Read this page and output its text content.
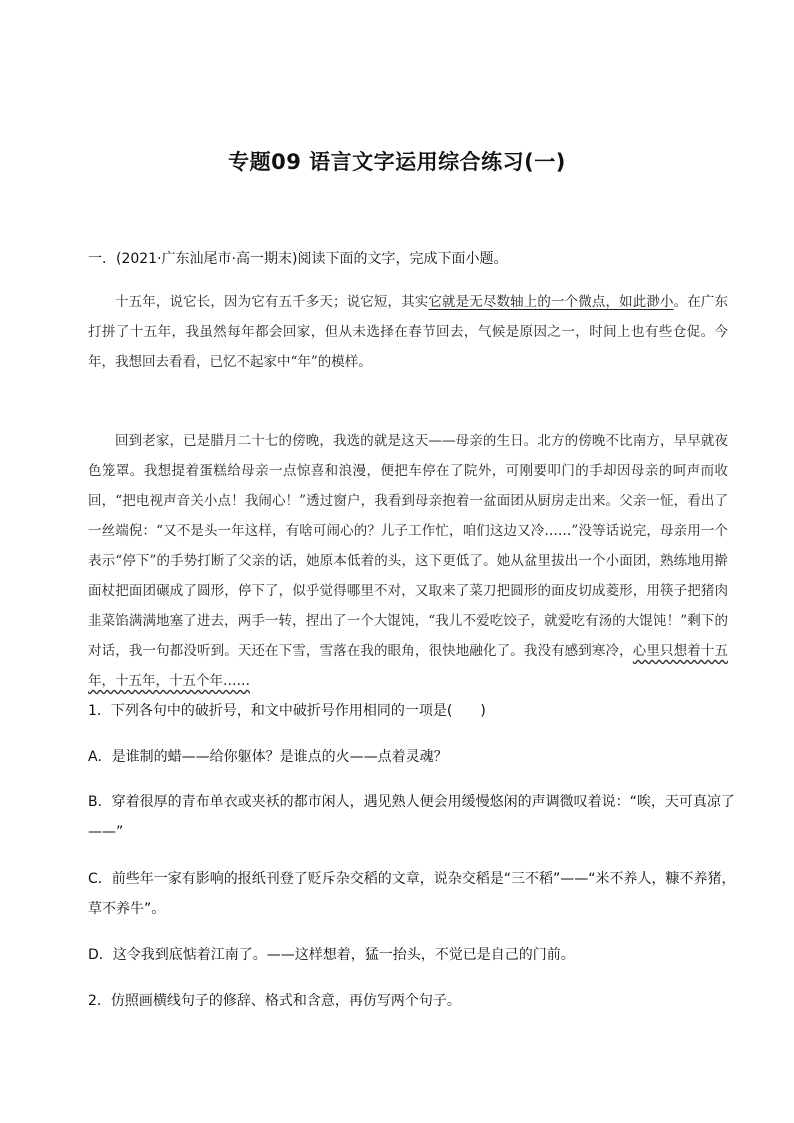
专题09 语言文字运用综合练习(一)
一．(2021·广东汕尾市·高一期末)阅读下面的文字，完成下面小题。

十五年，说它长，因为它有五千多天；说它短，其实它就是无尽数轴上的一个微点，如此渺小。在广东打拼了十五年，我虽然每年都会回家，但从未选择在春节回去，气候是原因之一，时间上也有些仓促。今年，我想回去看看，已忆不起家中“年”的模样。

回到老家，已是腊月二十七的傍晚，我选的就是这天——母亲的生日。北方的傍晚不比南方，早早就夜色笼罩。我想提着蛋糕给母亲一点惊喜和浪漫，便把车停在了院外，可刚要叩门的手却因母亲的呵声而收回，“把电视声音关小点！我闹心！”透过窗户，我看到母亲抱着一盆面团从厨房走出来。父亲一怔，看出了一丝端倪：“又不是头一年这样，有啥可闹心的？儿子工作忙，咱们这边又冷……”没等话说完，母亲用一个表示“停下”的手势打断了父亲的话，她原本低着的头，这下更低了。她从盆里拔出一个小面团，熟练地用擀面杖把面团碾成了圆形，停下了，似乎觉得哪里不对，又取来了菜刀把圆形的面皮切成菱形，用筷子把猪肉韭菜馅满满地塞了进去，两手一转，捏出了一个大馄饨，“我儿不爱吃饺子，就爱吃有汤的大馄饨！”剩下的对话，我一句都没听到。天还在下雪，雪落在我的眼角，很快地融化了。我没有感到寒冷，心里只想着十五年，十五年，十五个年……

1．下列各句中的破折号，和文中破折号作用相同的一项是(　　)
A．是谁制的蜡——给你躯体？是谁点的火——点着灵魂？
B．穿着很厚的青布单衣或夹袄的都市闲人，遇见熟人便会用缓慢悠闲的声调微叹着说：“唉，天可真凉了
——”
C．前些年一家有影响的报纸刊登了贬斥杂交稻的文章，说杂交稻是“三不稻”——“米不养人，糠不养猪，
草不养牛”。
D．这令我到底惦着江南了。——这样想着，猛一抬头，不觉已是自己的门前。
2．仿照画横线句子的修辞、格式和含意，再仿写两个句子。
